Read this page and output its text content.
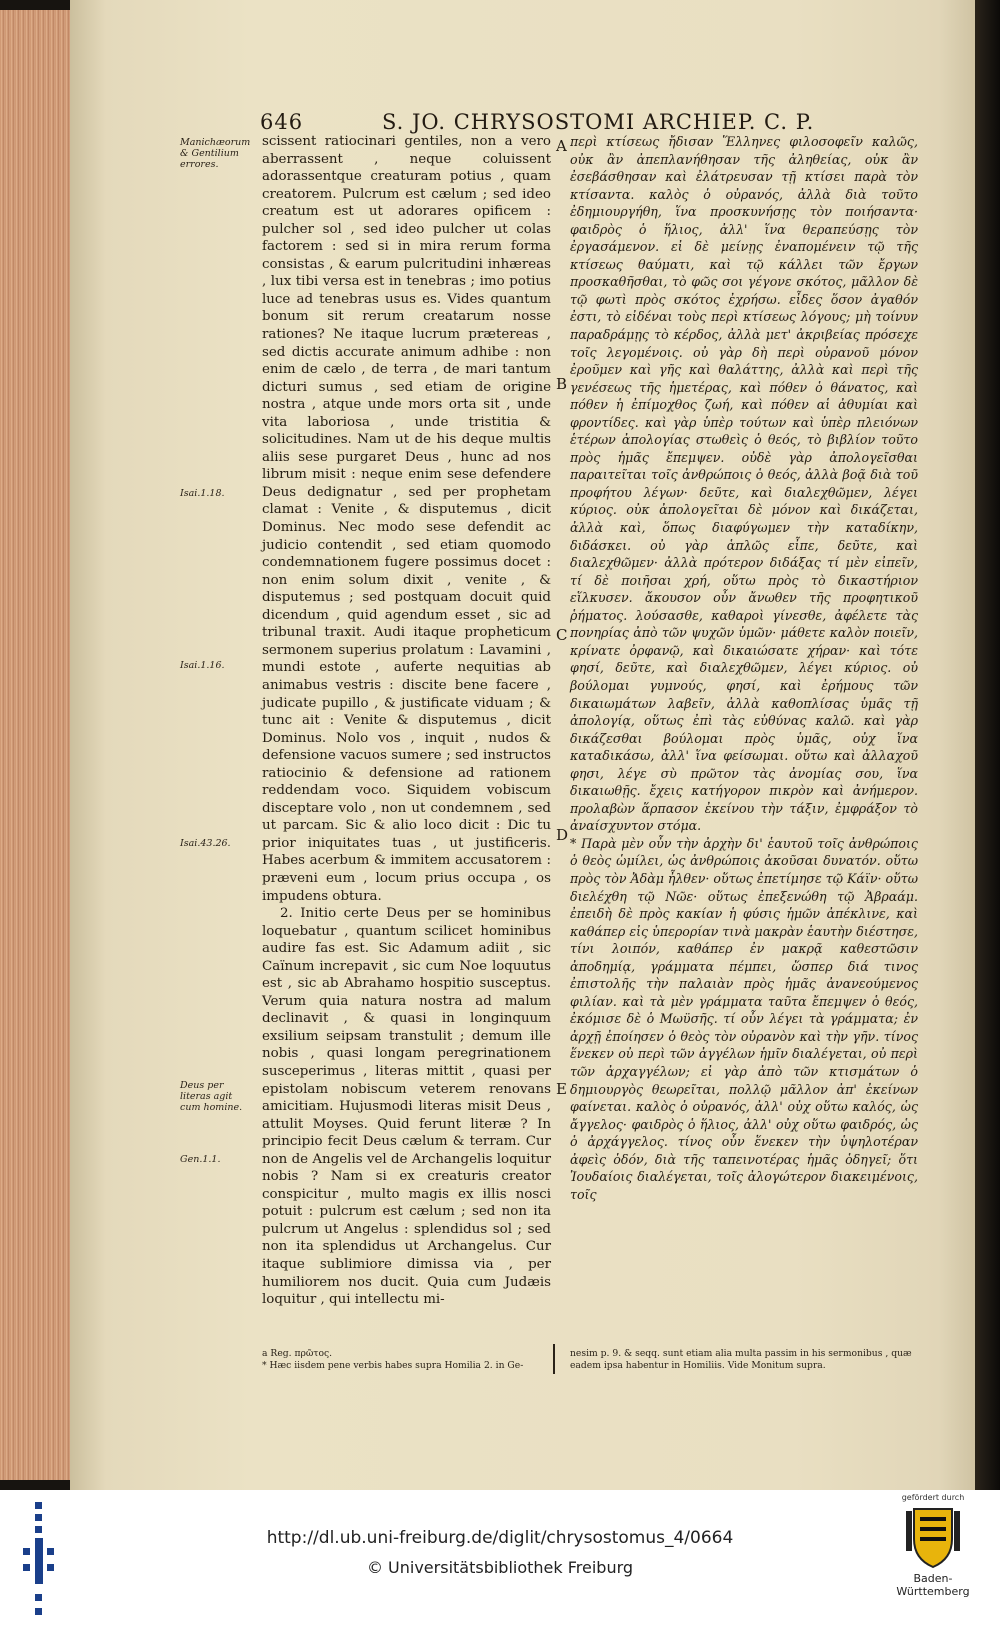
646	S. JO. CHRYSOSTOMI ARCHIEP. C. P.
Manichæorum & Gentilium errores.
Isai.1.18.
Isai.1.16.
Isai.43.26.
Deus per literas agit cum homine.
Gen.1.1.
A
B
C
D
E

scissent ratiocinari gentiles, non a vero aberrassent , neque coluissent adorassentque creaturam potius , quam creatorem. Pulcrum est cælum ; sed ideo creatum est ut adorares opificem : pulcher sol , sed ideo pulcher ut colas factorem : sed si in mira rerum forma consistas , & earum pulcritudini inhæreas , lux tibi versa est in tenebras ; imo potius luce ad tenebras usus es. Vides quantum bonum sit rerum creatarum nosse rationes? Ne itaque lucrum prætereas , sed dictis accurate animum adhibe : non enim de cælo , de terra , de mari tantum dicturi sumus , sed etiam de origine nostra , atque unde mors orta sit , unde vita laboriosa , unde tristitia & solicitudines. Nam ut de his deque multis aliis sese purgaret Deus , hunc ad nos librum misit : neque enim sese defendere Deus dedignatur , sed per prophetam clamat : Venite , & disputemus , dicit Dominus. Nec modo sese defendit ac judicio contendit , sed etiam quomodo condemnationem fugere possimus docet : non enim solum dixit , venite , & disputemus ; sed postquam docuit quid dicendum , quid agendum esset , sic ad tribunal traxit. Audi itaque propheticum sermonem superius prolatum : Lavamini , mundi estote , auferte nequitias ab animabus vestris : discite bene facere , judicate pupillo , & justificate viduam ; & tunc ait : Venite & disputemus , dicit Dominus. Nolo vos , inquit , nudos & defensione vacuos sumere ; sed instructos ratiocinio & defensione ad rationem reddendam voco. Siquidem vobiscum disceptare volo , non ut condemnem , sed ut parcam. Sic & alio loco dicit : Dic tu prior iniquitates tuas , ut justificeris. Habes acerbum & immitem accusatorem : præveni eum , locum prius occupa , os impudens obtura.

2. Initio certe Deus per se hominibus loquebatur , quantum scilicet hominibus audire fas est. Sic Adamum adiit , sic Caïnum increpavit , sic cum Noe loquutus est , sic ab Abrahamo hospitio susceptus. Verum quia natura nostra ad malum declinavit , & quasi in longinquum exsilium seipsam transtulit ; demum ille nobis , quasi longam peregrinationem susceperimus , literas mittit , quasi per epistolam nobiscum veterem renovans amicitiam. Hujusmodi literas misit Deus , attulit Moyses. Quid ferunt literæ ? In principio fecit Deus cælum & terram. Cur non de Angelis vel de Archangelis loquitur nobis ? Nam si ex creaturis creator conspicitur , multo magis ex illis nosci potuit : pulcrum est cælum ; sed non ita pulcrum ut Angelus : splendidus sol ; sed non ita splendidus ut Archangelus. Cur itaque sublimiore dimissa via , per humiliorem nos ducit. Quia cum Judæis loquitur , qui intellectu mi-

περὶ κτίσεως ἤδισαν Ἕλληνες φιλοσοφεῖν καλῶς, οὐκ ἂν ἀπεπλανήθησαν τῆς ἀληθείας, οὐκ ἂν ἐσεβάσθησαν καὶ ἐλάτρευσαν τῇ κτίσει παρὰ τὸν κτίσαντα. καλὸς ὁ οὐρανός, ἀλλὰ διὰ τοῦτο ἐδημιουργήθη, ἵνα προσκυνήσῃς τὸν ποιήσαντα· φαιδρὸς ὁ ἥλιος, ἀλλ' ἵνα θεραπεύσῃς τὸν ἐργασάμενον. εἰ δὲ μείνῃς ἐναπομένειν τῷ τῆς κτίσεως θαύματι, καὶ τῷ κάλλει τῶν ἔργων προσκαθῆσθαι, τὸ φῶς σοι γέγονε σκότος, μᾶλλον δὲ τῷ φωτὶ πρὸς σκότος ἐχρήσω. εἶδες ὅσον ἀγαθόν ἐστι, τὸ εἰδέναι τοὺς περὶ κτίσεως λόγους; μὴ τοίνυν παραδράμῃς τὸ κέρδος, ἀλλὰ μετ' ἀκριβείας πρόσεχε τοῖς λεγομένοις. οὐ γὰρ δὴ περὶ οὐρανοῦ μόνον ἐροῦμεν καὶ γῆς καὶ θαλάττης, ἀλλὰ καὶ περὶ τῆς γενέσεως τῆς ἡμετέρας, καὶ πόθεν ὁ θάνατος, καὶ πόθεν ἡ ἐπίμοχθος ζωή, καὶ πόθεν αἱ ἀθυμίαι καὶ φροντίδες. καὶ γὰρ ὑπὲρ τούτων καὶ ὑπὲρ πλειόνων ἑτέρων ἀπολογίας στωθεὶς ὁ θεός, τὸ βιβλίον τοῦτο πρὸς ἡμᾶς ἔπεμψεν. οὐδὲ γὰρ ἀπολογεῖσθαι παραιτεῖται τοῖς ἀνθρώποις ὁ θεός, ἀλλὰ βοᾷ διὰ τοῦ προφήτου λέγων· δεῦτε, καὶ διαλεχθῶμεν, λέγει κύριος. οὐκ ἀπολογεῖται δὲ μόνον καὶ δικάζεται, ἀλλὰ καὶ, ὅπως διαφύγωμεν τὴν καταδίκην, διδάσκει. οὐ γὰρ ἁπλῶς εἶπε, δεῦτε, καὶ διαλεχθῶμεν· ἀλλὰ πρότερον διδάξας τί μὲν εἰπεῖν, τί δὲ ποιῆσαι χρή, οὕτω πρὸς τὸ δικαστήριον εἵλκυσεν. ἄκουσον οὖν ἄνωθεν τῆς προφητικοῦ ῥήματος. λούσασθε, καθαροὶ γίνεσθε, ἀφέλετε τὰς πονηρίας ἀπὸ τῶν ψυχῶν ὑμῶν· μάθετε καλὸν ποιεῖν, κρίνατε ὀρφανῷ, καὶ δικαιώσατε χήραν· καὶ τότε φησί, δεῦτε, καὶ διαλεχθῶμεν, λέγει κύριος. οὐ βούλομαι γυμνούς, φησί, καὶ ἐρήμους τῶν δικαιωμάτων λαβεῖν, ἀλλὰ καθοπλίσας ὑμᾶς τῇ ἀπολογίᾳ, οὕτως ἐπὶ τὰς εὐθύνας καλῶ. καὶ γὰρ δικάζεσθαι βούλομαι πρὸς ὑμᾶς, οὐχ ἵνα καταδικάσω, ἀλλ' ἵνα φείσωμαι. οὕτω καὶ ἀλλαχοῦ φησι, λέγε σὺ πρῶτον τὰς ἀνομίας σου, ἵνα δικαιωθῇς. ἔχεις κατήγορον πικρὸν καὶ ἀνήμερον. προλαβὼν ἅρπασον ἐκείνου τὴν τάξιν, ἐμφράξον τὸ ἀναίσχυντον στόμα.

* Παρὰ μὲν οὖν τὴν ἀρχὴν δι' ἑαυτοῦ τοῖς ἀνθρώποις ὁ θεὸς ὡμίλει, ὡς ἀνθρώποις ἀκοῦσαι δυνατόν. οὕτω πρὸς τὸν Ἀδὰμ ἦλθεν· οὕτως ἐπετίμησε τῷ Κάϊν· οὕτω διελέχθη τῷ Νῶε· οὕτως ἐπεξενώθη τῷ Ἀβραάμ. ἐπειδὴ δὲ πρὸς κακίαν ἡ φύσις ἡμῶν ἀπέκλινε, καὶ καθάπερ εἰς ὑπερορίαν τινὰ μακρὰν ἑαυτὴν διέστησε, τίνι λοιπόν, καθάπερ ἐν μακρᾷ καθεστῶσιν ἀποδημίᾳ, γράμματα πέμπει, ὥσπερ διά τινος ἐπιστολῆς τὴν παλαιὰν πρὸς ἡμᾶς ἀνανεούμενος φιλίαν. καὶ τὰ μὲν γράμματα ταῦτα ἔπεμψεν ὁ θεός, ἐκόμισε δὲ ὁ Μωϋσῆς. τί οὖν λέγει τὰ γράμματα; ἐν ἀρχῇ ἐποίησεν ὁ θεὸς τὸν οὐρανὸν καὶ τὴν γῆν. τίνος ἕνεκεν οὐ περὶ τῶν ἀγγέλων ἡμῖν διαλέγεται, οὐ περὶ τῶν ἀρχαγγέλων; εἰ γὰρ ἀπὸ τῶν κτισμάτων ὁ δημιουργὸς θεωρεῖται, πολλῷ μᾶλλον ἀπ' ἐκείνων φαίνεται. καλὸς ὁ οὐρανός, ἀλλ' οὐχ οὕτω καλός, ὡς ἄγγελος· φαιδρὸς ὁ ἥλιος, ἀλλ' οὐχ οὕτω φαιδρός, ὡς ὁ ἀρχάγγελος. τίνος οὖν ἕνεκεν τὴν ὑψηλοτέραν ἀφεὶς ὁδόν, διὰ τῆς ταπεινοτέρας ἡμᾶς ὁδηγεῖ; ὅτι Ἰουδαίοις διαλέγεται, τοῖς ἀλογώτερον διακειμένοις, τοῖς

a Reg. πρῶτος.
* Hæc iisdem pene verbis habes supra Homilia 2. in Ge-
nesim p. 9. & seqq. sunt etiam alia multa passim in his sermonibus , quæ eadem ipsa habentur in Homiliis. Vide Monitum supra.
http://dl.ub.uni-freiburg.de/diglit/chrysostomus_4/0664
© Universitätsbibliothek Freiburg
gefördert durch
Baden-Württemberg
